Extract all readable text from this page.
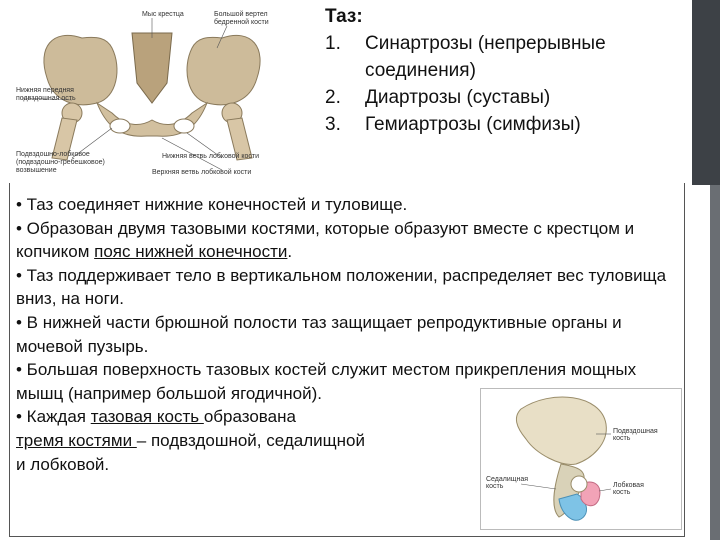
Мыс крестца	Большой вертел
бедренной кости
Нижняя передняя
подвздошная ость
Подвздошно-лобковое
(подвздошно-гребешковое)
возвышение
Нижняя ветвь лобковой кости
Верхняя ветвь лобковой кости
Таз:
1.	Синартрозы (непрерывные соединения)
2.	Диартрозы (суставы)
3.	Гемиартрозы (симфизы)

• Таз соединяет нижние конечностей и туловище.

• Образован двумя тазовыми костями, которые образуют вместе с крестцом и копчиком пояс нижней конечности.

• Таз поддерживает тело в вертикальном положении, распределяет вес туловища вниз, на ноги.

• В нижней части брюшной полости таз защищает репродуктивные органы и мочевой пузырь.

• Большая поверхность тазовых костей служит местом прикрепления мощных мышц (например большой ягодичной).

• Каждая тазовая кость образована

тремя костями – подвздошной, седалищной

и лобковой.

Подвздошная
кость
Седалищная
кость	Лобковая
кость
